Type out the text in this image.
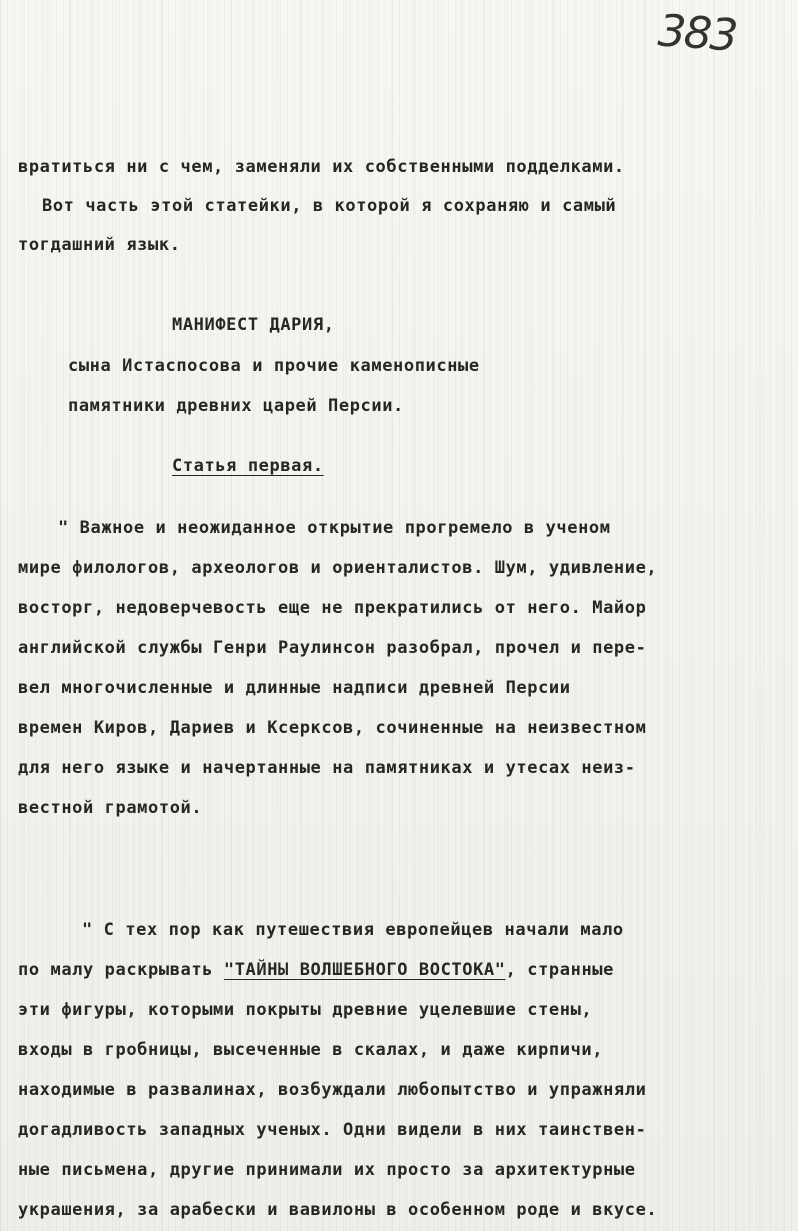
383
вратиться ни с чем, заменяли их собственными подделками.
Вот часть этой статейки, в которой я сохраняю и самый
тогдашний язык.
МАНИФЕСТ ДАРИЯ,
сына Истаспосова и прочие каменописные
памятники древних царей Персии.
Статья первая.
" Важное и неожиданное открытие прогремело в ученом
мире филологов, археологов и ориенталистов. Шум, удивление,
восторг, недоверчевость еще не прекратились от него. Майор
английской службы Генри Раулинсон разобрал, прочел и пере-
вел многочисленные и длинные надписи древней Персии
времен Киров, Дариев и Ксерксов, сочиненные на неизвестном
для него языке и начертанные на памятниках и утесах неиз-
вестной грамотой.
" С тех пор как путешествия европейцев начали мало
по малу раскрывать "ТАЙНЫ ВОЛШЕБНОГО ВОСТОКА", странные
эти фигуры, которыми покрыты древние уцелевшие стены,
входы в гробницы, высеченные в скалах, и даже кирпичи,
находимые в развалинах, возбуждали любопытство и упражняли
догадливость западных ученых. Одни видели в них таинствен-
ные письмена, другие принимали их просто за архитектурные
украшения, за арабески и вавилоны в особенном роде и вкусе.
